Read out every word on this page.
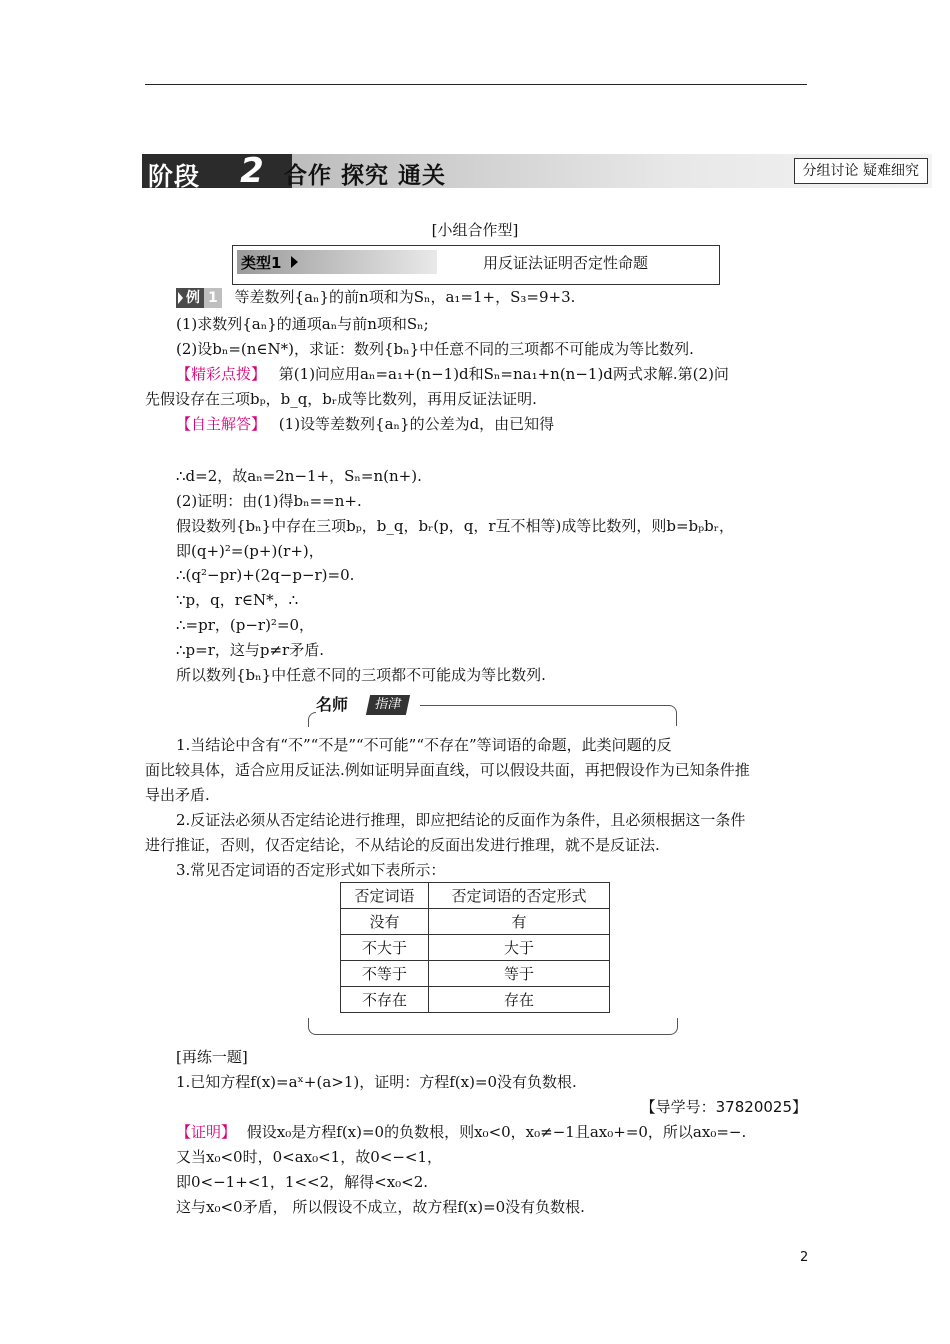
阶段 2 合作 探究 通关	分组讨论 疑难细究
[小组合作型]
类型1	用反证法证明否定性命题
例 1 等差数列{aₙ}的前n项和为Sₙ，a₁=1+，S₃=9+3.
(1)求数列{aₙ}的通项aₙ与前n项和Sₙ;
(2)设bₙ=(n∈N*)，求证：数列{bₙ}中任意不同的三项都不可能成为等比数列.
【精彩点拨】 第(1)问应用aₙ=a₁+(n−1)d和Sₙ=na₁+n(n−1)d两式求解.第(2)问
先假设存在三项bₚ，b_q，bᵣ成等比数列，再用反证法证明.
【自主解答】 (1)设等差数列{aₙ}的公差为d，由已知得
∴d=2，故aₙ=2n−1+，Sₙ=n(n+).
(2)证明：由(1)得bₙ==n+.
假设数列{bₙ}中存在三项bₚ，b_q，bᵣ(p，q，r互不相等)成等比数列，则b=bₚbᵣ，
即(q+)²=(p+)(r+)，
∴(q²−pr)+(2q−p−r)=0.
∵p，q，r∈N*，∴
∴=pr，(p−r)²=0，
∴p=r，这与p≠r矛盾.
所以数列{bₙ}中任意不同的三项都不可能成为等比数列.
名师	指津
1.当结论中含有“不”“不是”“不可能”“不存在”等词语的命题，此类问题的反
面比较具体，适合应用反证法.例如证明异面直线，可以假设共面，再把假设作为已知条件推
导出矛盾.
2.反证法必须从否定结论进行推理，即应把结论的反面作为条件，且必须根据这一条件
进行推证，否则，仅否定结论，不从结论的反面出发进行推理，就不是反证法.
3.常见否定词语的否定形式如下表所示：
否定词语	否定词语的否定形式
没有	有
不大于	大于
不等于	等于
不存在	存在
[再练一题]
1.已知方程f(x)=aˣ+(a>1)，证明：方程f(x)=0没有负数根.
【导学号：37820025】
【证明】 假设x₀是方程f(x)=0的负数根，则x₀<0，x₀≠−1且ax₀+=0，所以ax₀=−.
又当x₀<0时，0<ax₀<1，故0<−<1，
即0<−1+<1，1<<2，解得<x₀<2.
这与x₀<0矛盾， 所以假设不成立，故方程f(x)=0没有负数根.
2
